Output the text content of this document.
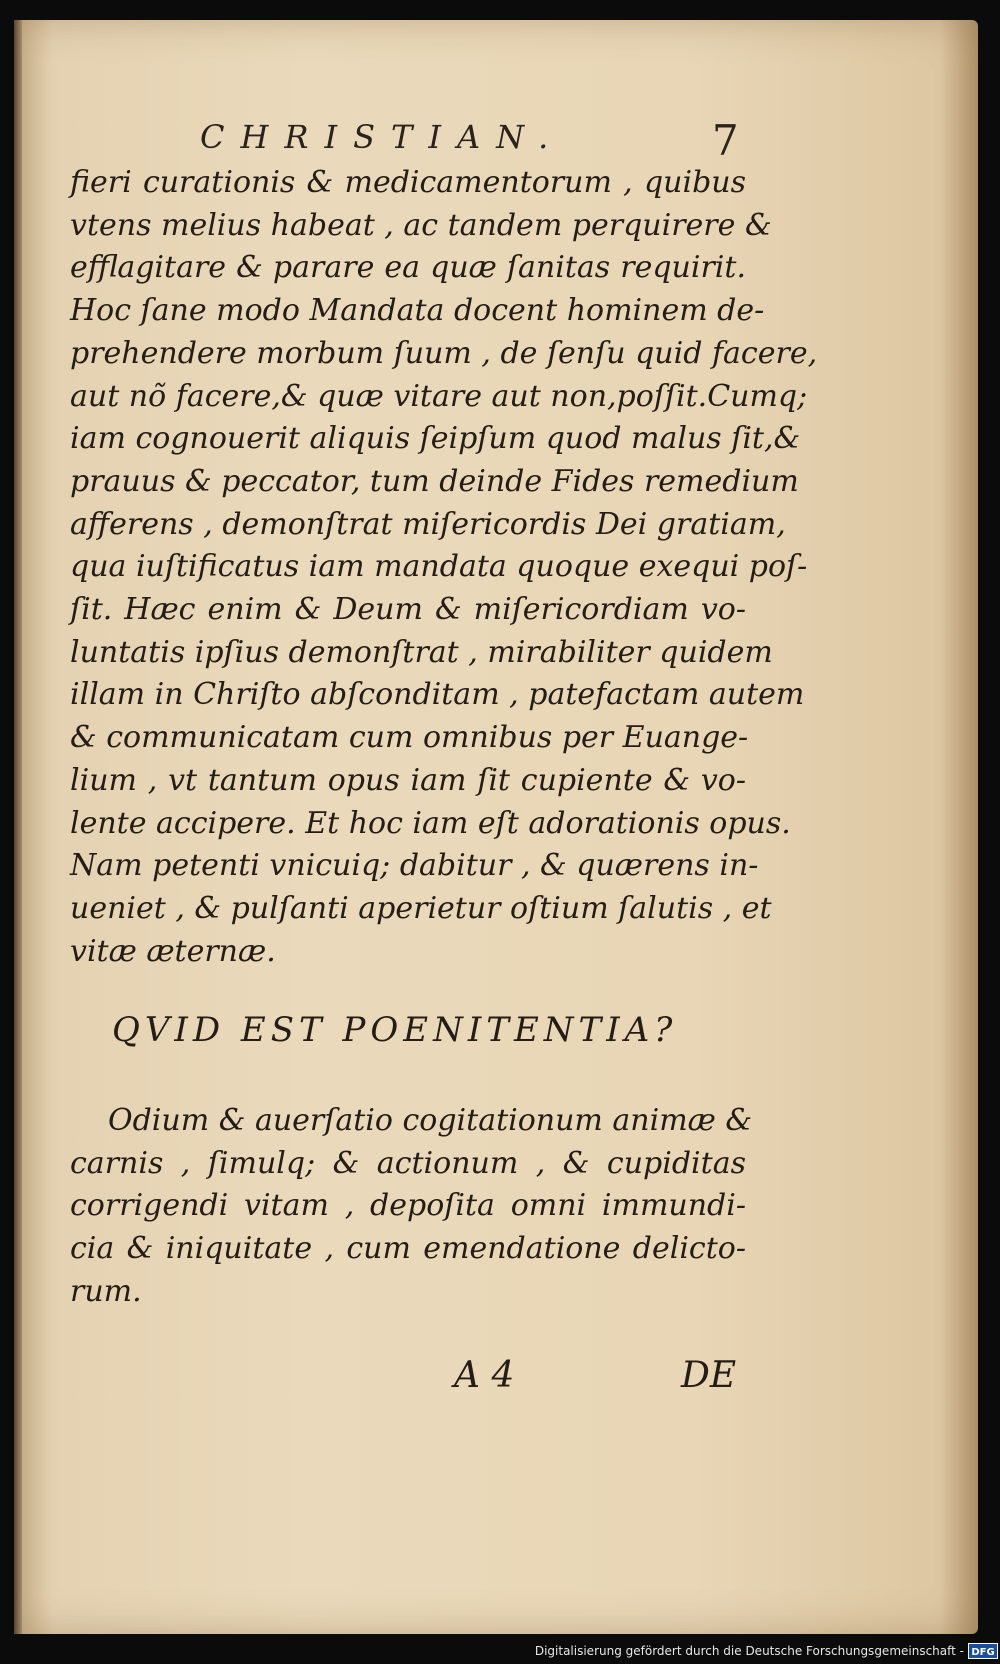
CHRISTIAN.	7
fieri curationis & medicamentorum , quibus
vtens melius habeat , ac tandem perquirere &
efflagitare & parare ea quæ ſanitas requirit.
Hoc ſane modo Mandata docent hominem de-
prehendere morbum ſuum , de ſenſu quid facere,
aut nõ facere,& quæ vitare aut non,poſſit.Cumq;
iam cognouerit aliquis ſeipſum quod malus ſit,&
prauus & peccator, tum deinde Fides remedium
afferens , demonſtrat miſericordis Dei gratiam,
qua iuſtificatus iam mandata quoque exequi poſ-
ſit. Hæc enim & Deum & miſericordiam vo-
luntatis ipſius demonſtrat , mirabiliter quidem
illam in Chriſto abſconditam , patefactam autem
& communicatam cum omnibus per Euange-
lium , vt tantum opus iam ſit cupiente & vo-
lente accipere. Et hoc iam eſt adorationis opus.
Nam petenti vnicuiq; dabitur , & quærens in-
ueniet , & pulſanti aperietur oſtium ſalutis , et
vitæ æternæ.
QVID EST POENITENTIA?
Odium & auerſatio cogitationum animæ &
carnis , ſimulq; & actionum , & cupiditas
corrigendi vitam , depoſita omni immundi-
cia & iniquitate , cum emendatione delicto-
rum.
A 4	DE
Digitalisierung gefördert durch die Deutsche Forschungsgemeinschaft - DFG
